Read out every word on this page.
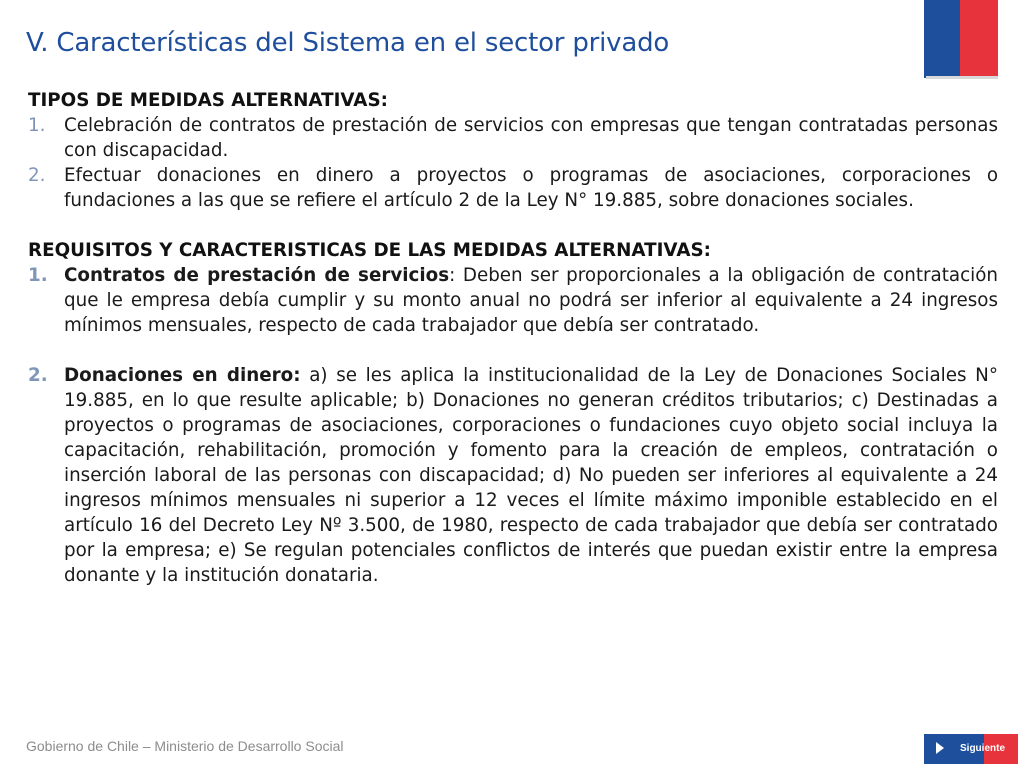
V. Características del Sistema en el sector privado
TIPOS DE MEDIDAS ALTERNATIVAS:
1.	Celebración de contratos de prestación de servicios con empresas que tengan contratadas personas con discapacidad.
2.	Efectuar donaciones en dinero a proyectos o programas de asociaciones, corporaciones o fundaciones a las que se refiere el artículo 2 de la Ley N° 19.885, sobre donaciones sociales.
REQUISITOS Y CARACTERISTICAS DE LAS MEDIDAS ALTERNATIVAS:
1. Contratos de prestación de servicios: Deben ser proporcionales a la obligación de contratación que le empresa debía cumplir y su monto anual no podrá ser inferior al equivalente a 24 ingresos mínimos mensuales, respecto de cada trabajador que debía ser contratado.
2. Donaciones en dinero: a) se les aplica la institucionalidad de la Ley de Donaciones Sociales N° 19.885, en lo que resulte aplicable; b) Donaciones no generan créditos tributarios; c) Destinadas a proyectos o programas de asociaciones, corporaciones o fundaciones cuyo objeto social incluya la capacitación, rehabilitación, promoción y fomento para la creación de empleos, contratación o inserción laboral de las personas con discapacidad; d) No pueden ser inferiores al equivalente a 24 ingresos mínimos mensuales ni superior a 12 veces el límite máximo imponible establecido en el artículo 16 del Decreto Ley Nº 3.500, de 1980, respecto de cada trabajador que debía ser contratado por la empresa; e) Se regulan potenciales conflictos de interés que puedan existir entre la empresa donante y la institución donataria.
Gobierno de Chile – Ministerio de Desarrollo Social	Siguiente
